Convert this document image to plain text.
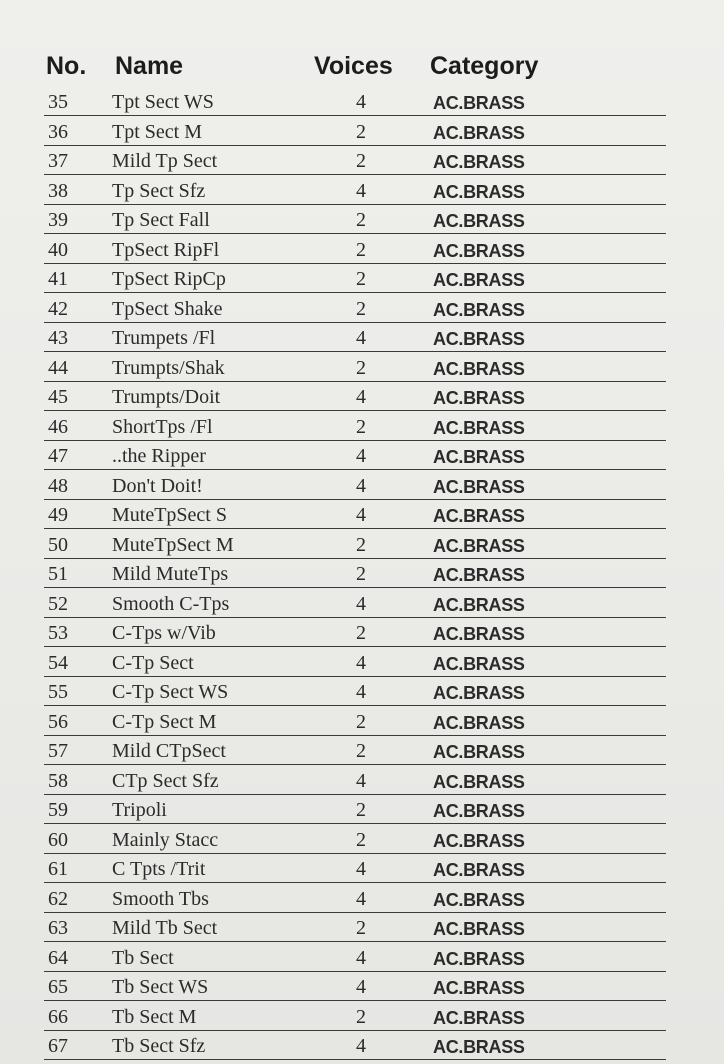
No. Name	Voices Category
35 Tpt Sect WS	4	AC.BRASS
36 Tpt Sect M	2	AC.BRASS
37 Mild Tp Sect	2	AC.BRASS
38 Tp Sect Sfz	4	AC.BRASS
39 Tp Sect Fall	2	AC.BRASS
40 TpSect RipFl	2	AC.BRASS
41 TpSect RipCp	2	AC.BRASS
42 TpSect Shake	2	AC.BRASS
43 Trumpets /Fl	4	AC.BRASS
44 Trumpts/Shak	2	AC.BRASS
45 Trumpts/Doit	4	AC.BRASS
46 ShortTps /Fl	2	AC.BRASS
47 ..the Ripper	4	AC.BRASS
48 Don't Doit!	4	AC.BRASS
49 MuteTpSect S	4	AC.BRASS
50 MuteTpSect M	2	AC.BRASS
51 Mild MuteTps	2	AC.BRASS
52 Smooth C-Tps	4	AC.BRASS
53 C-Tps w/Vib	2	AC.BRASS
54 C-Tp Sect	4	AC.BRASS
55 C-Tp Sect WS	4	AC.BRASS
56 C-Tp Sect M	2	AC.BRASS
57 Mild CTpSect	2	AC.BRASS
58 CTp Sect Sfz	4	AC.BRASS
59 Tripoli	2	AC.BRASS
60 Mainly Stacc	2	AC.BRASS
61 C Tpts /Trit	4	AC.BRASS
62 Smooth Tbs	4	AC.BRASS
63 Mild Tb Sect	2	AC.BRASS
64 Tb Sect	4	AC.BRASS
65 Tb Sect WS	4	AC.BRASS
66 Tb Sect M	2	AC.BRASS
67 Tb Sect Sfz	4	AC.BRASS
